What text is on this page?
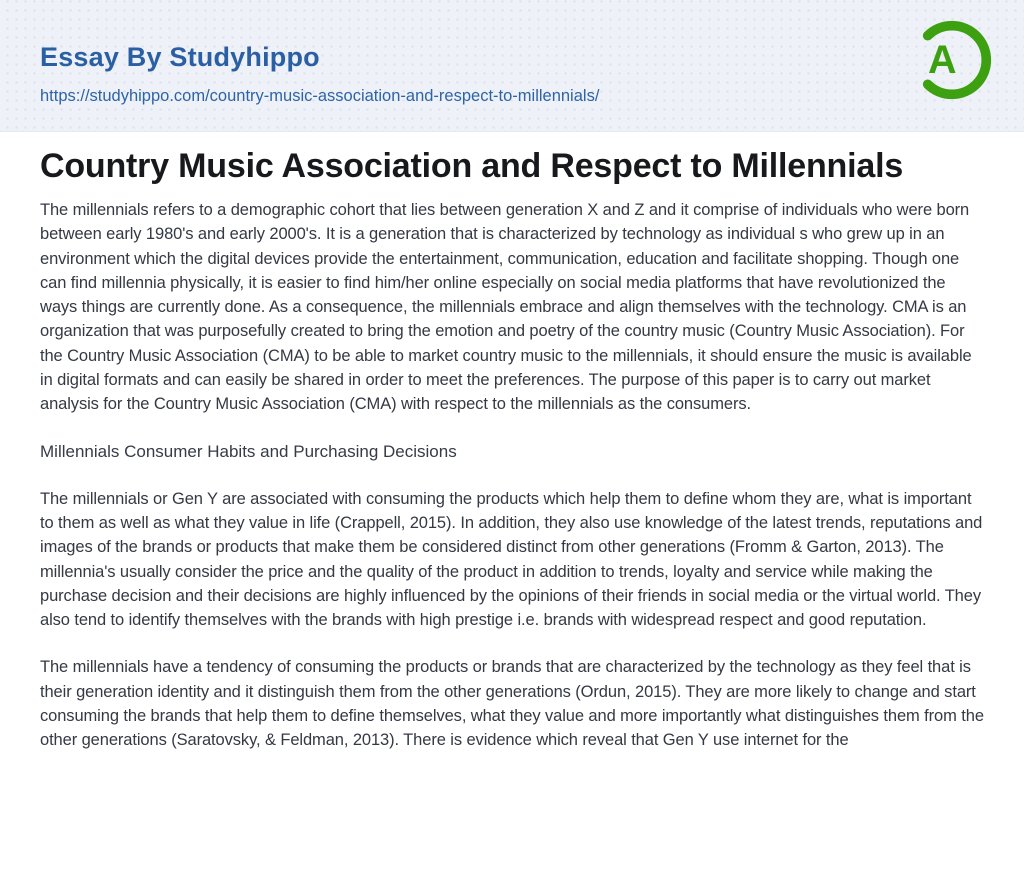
Essay By Studyhippo
https://studyhippo.com/country-music-association-and-respect-to-millennials/
A
Country Music Association and Respect to Millennials

The millennials refers to a demographic cohort that lies between generation X and Z and it comprise of individuals who were born between early 1980's and early 2000's. It is a generation that is characterized by technology as individual s who grew up in an environment which the digital devices provide the entertainment, communication, education and facilitate shopping. Though one can find millennia physically, it is easier to find him/her online especially on social media platforms that have revolutionized the ways things are currently done. As a consequence, the millennials embrace and align themselves with the technology. CMA is an organization that was purposefully created to bring the emotion and poetry of the country music (Country Music Association). For the Country Music Association (CMA) to be able to market country music to the millennials, it should ensure the music is available in digital formats and can easily be shared in order to meet the preferences. The purpose of this paper is to carry out market analysis for the Country Music Association (CMA) with respect to the millennials as the consumers.

Millennials Consumer Habits and Purchasing Decisions

The millennials or Gen Y are associated with consuming the products which help them to define whom they are, what is important to them as well as what they value in life (Crappell, 2015). In addition, they also use knowledge of the latest trends, reputations and images of the brands or products that make them be considered distinct from other generations (Fromm & Garton, 2013). The millennia's usually consider the price and the quality of the product in addition to trends, loyalty and service while making the purchase decision and their decisions are highly influenced by the opinions of their friends in social media or the virtual world. They also tend to identify themselves with the brands with high prestige i.e. brands with widespread respect and good reputation.

The millennials have a tendency of consuming the products or brands that are characterized by the technology as they feel that is their generation identity and it distinguish them from the other generations (Ordun, 2015). They are more likely to change and start consuming the brands that help them to define themselves, what they value and more importantly what distinguishes them from the other generations (Saratovsky, & Feldman, 2013). There is evidence which reveal that Gen Y use internet for the
